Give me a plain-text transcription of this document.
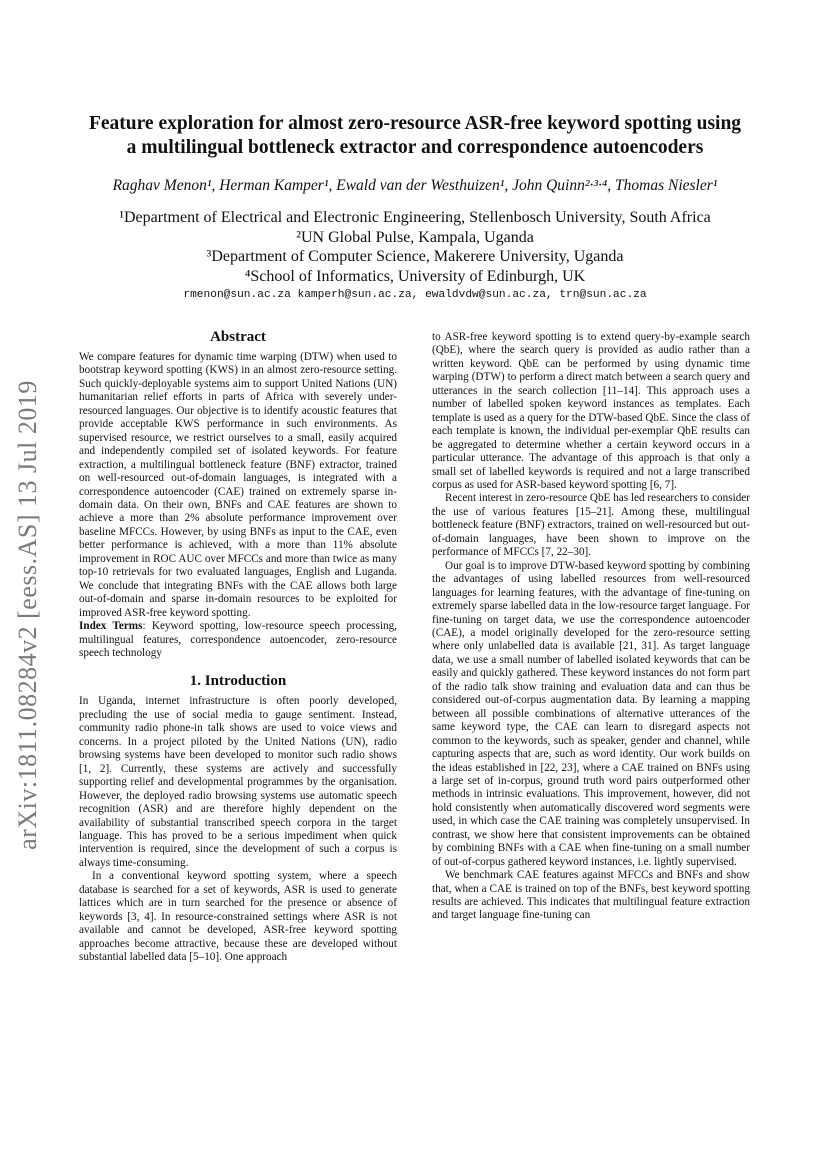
arXiv:1811.08284v2 [eess.AS] 13 Jul 2019
Feature exploration for almost zero-resource ASR-free keyword spotting using
a multilingual bottleneck extractor and correspondence autoencoders
Raghav Menon¹, Herman Kamper¹, Ewald van der Westhuizen¹, John Quinn²·³·⁴, Thomas Niesler¹
¹Department of Electrical and Electronic Engineering, Stellenbosch University, South Africa
²UN Global Pulse, Kampala, Uganda
³Department of Computer Science, Makerere University, Uganda
⁴School of Informatics, University of Edinburgh, UK
rmenon@sun.ac.za kamperh@sun.ac.za, ewaldvdw@sun.ac.za, trn@sun.ac.za
Abstract

We compare features for dynamic time warping (DTW) when used to bootstrap keyword spotting (KWS) in an almost zero-resource setting. Such quickly-deployable systems aim to support United Nations (UN) humanitarian relief efforts in parts of Africa with severely under-resourced languages. Our objective is to identify acoustic features that provide acceptable KWS performance in such environments. As supervised resource, we restrict ourselves to a small, easily acquired and independently compiled set of isolated keywords. For feature extraction, a multilingual bottleneck feature (BNF) extractor, trained on well-resourced out-of-domain languages, is integrated with a correspondence autoencoder (CAE) trained on extremely sparse in-domain data. On their own, BNFs and CAE features are shown to achieve a more than 2% absolute performance improvement over baseline MFCCs. However, by using BNFs as input to the CAE, even better performance is achieved, with a more than 11% absolute improvement in ROC AUC over MFCCs and more than twice as many top-10 retrievals for two evaluated languages, English and Luganda. We conclude that integrating BNFs with the CAE allows both large out-of-domain and sparse in-domain resources to be exploited for improved ASR-free keyword spotting.

Index Terms: Keyword spotting, low-resource speech processing, multilingual features, correspondence autoencoder, zero-resource speech technology

1. Introduction

In Uganda, internet infrastructure is often poorly developed, precluding the use of social media to gauge sentiment. Instead, community radio phone-in talk shows are used to voice views and concerns. In a project piloted by the United Nations (UN), radio browsing systems have been developed to monitor such radio shows [1, 2]. Currently, these systems are actively and successfully supporting relief and developmental programmes by the organisation. However, the deployed radio browsing systems use automatic speech recognition (ASR) and are therefore highly dependent on the availability of substantial transcribed speech corpora in the target language. This has proved to be a serious impediment when quick intervention is required, since the development of such a corpus is always time-consuming.

In a conventional keyword spotting system, where a speech database is searched for a set of keywords, ASR is used to generate lattices which are in turn searched for the presence or absence of keywords [3, 4]. In resource-constrained settings where ASR is not available and cannot be developed, ASR-free keyword spotting approaches become attractive, because these are developed without substantial labelled data [5–10]. One approach

to ASR-free keyword spotting is to extend query-by-example search (QbE), where the search query is provided as audio rather than a written keyword. QbE can be performed by using dynamic time warping (DTW) to perform a direct match between a search query and utterances in the search collection [11–14]. This approach uses a number of labelled spoken keyword instances as templates. Each template is used as a query for the DTW-based QbE. Since the class of each template is known, the individual per-exemplar QbE results can be aggregated to determine whether a certain keyword occurs in a particular utterance. The advantage of this approach is that only a small set of labelled keywords is required and not a large transcribed corpus as used for ASR-based keyword spotting [6, 7].

Recent interest in zero-resource QbE has led researchers to consider the use of various features [15–21]. Among these, multilingual bottleneck feature (BNF) extractors, trained on well-resourced but out-of-domain languages, have been shown to improve on the performance of MFCCs [7, 22–30].

Our goal is to improve DTW-based keyword spotting by combining the advantages of using labelled resources from well-resourced languages for learning features, with the advantage of fine-tuning on extremely sparse labelled data in the low-resource target language. For fine-tuning on target data, we use the correspondence autoencoder (CAE), a model originally developed for the zero-resource setting where only unlabelled data is available [21, 31]. As target language data, we use a small number of labelled isolated keywords that can be easily and quickly gathered. These keyword instances do not form part of the radio talk show training and evaluation data and can thus be considered out-of-corpus augmentation data. By learning a mapping between all possible combinations of alternative utterances of the same keyword type, the CAE can learn to disregard aspects not common to the keywords, such as speaker, gender and channel, while capturing aspects that are, such as word identity. Our work builds on the ideas established in [22, 23], where a CAE trained on BNFs using a large set of in-corpus, ground truth word pairs outperformed other methods in intrinsic evaluations. This improvement, however, did not hold consistently when automatically discovered word segments were used, in which case the CAE training was completely unsupervised. In contrast, we show here that consistent improvements can be obtained by combining BNFs with a CAE when fine-tuning on a small number of out-of-corpus gathered keyword instances, i.e. lightly supervised.

We benchmark CAE features against MFCCs and BNFs and show that, when a CAE is trained on top of the BNFs, best keyword spotting results are achieved. This indicates that multilingual feature extraction and target language fine-tuning can
